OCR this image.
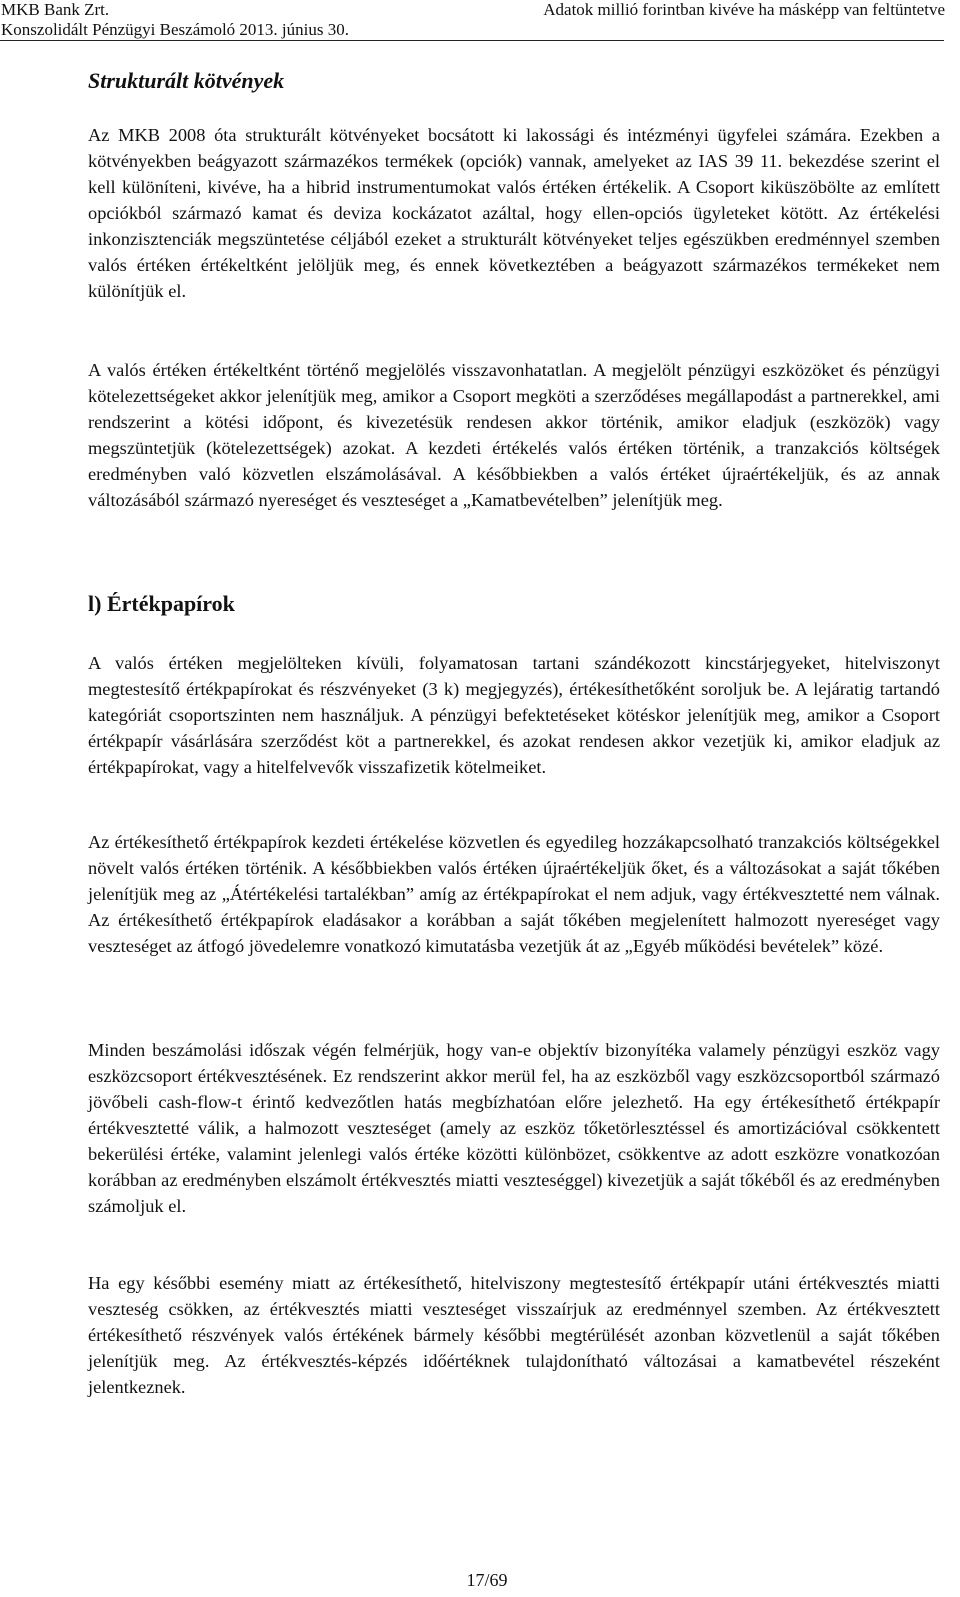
MKB Bank Zrt.
Konszolidált Pénzügyi Beszámoló 2013. június 30.
Adatok millió forintban kivéve ha másképp van feltüntetve
Strukturált kötvények
Az MKB 2008 óta strukturált kötvényeket bocsátott ki lakossági és intézményi ügyfelei számára. Ezekben a kötvényekben beágyazott származékos termékek (opciók) vannak, amelyeket az IAS 39 11. bekezdése szerint el kell különíteni, kivéve, ha a hibrid instrumentumokat valós értéken értékelik. A Csoport kiküszöbölte az említett opciókból származó kamat és deviza kockázatot azáltal, hogy ellen-opciós ügyleteket kötött. Az értékelési inkonzisztenciák megszüntetése céljából ezeket a strukturált kötvényeket teljes egészükben eredménnyel szemben valós értéken értékeltként jelöljük meg, és ennek következtében a beágyazott származékos termékeket nem különítjük el.
A valós értéken értékeltként történő megjelölés visszavonhatatlan. A megjelölt pénzügyi eszközöket és pénzügyi kötelezettségeket akkor jelenítjük meg, amikor a Csoport megköti a szerződéses megállapodást a partnerekkel, ami rendszerint a kötési időpont, és kivezetésük rendesen akkor történik, amikor eladjuk (eszközök) vagy megszüntetjük (kötelezettségek) azokat. A kezdeti értékelés valós értéken történik, a tranzakciós költségek eredményben való közvetlen elszámolásával. A későbbiekben a valós értéket újraértékeljük, és az annak változásából származó nyereséget és veszteséget a „Kamatbevételben” jelenítjük meg.
l) Értékpapírok
A valós értéken megjelölteken kívüli, folyamatosan tartani szándékozott kincstárjegyeket, hitelviszonyt megtestesítő értékpapírokat és részvényeket (3 k) megjegyzés), értékesíthetőként soroljuk be. A lejáratig tartandó kategóriát csoportszinten nem használjuk. A pénzügyi befektetéseket kötéskor jelenítjük meg, amikor a Csoport értékpapír vásárlására szerződést köt a partnerekkel, és azokat rendesen akkor vezetjük ki, amikor eladjuk az értékpapírokat, vagy a hitelfelvevők visszafizetik kötelmeiket.
Az értékesíthető értékpapírok kezdeti értékelése közvetlen és egyedileg hozzákapcsolható tranzakciós költségekkel növelt valós értéken történik. A későbbiekben valós értéken újraértékeljük őket, és a változásokat a saját tőkében jelenítjük meg az „Átértékelési tartalékban” amíg az értékpapírokat el nem adjuk, vagy értékvesztetté nem válnak. Az értékesíthető értékpapírok eladásakor a korábban a saját tőkében megjelenített halmozott nyereséget vagy veszteséget az átfogó jövedelemre vonatkozó kimutatásba vezetjük át az „Egyéb működési bevételek” közé.
Minden beszámolási időszak végén felmérjük, hogy van-e objektív bizonyítéka valamely pénzügyi eszköz vagy eszközcsoport értékvesztésének. Ez rendszerint akkor merül fel, ha az eszközből vagy eszközcsoportból származó jövőbeli cash-flow-t érintő kedvezőtlen hatás megbízhatóan előre jelezhető. Ha egy értékesíthető értékpapír értékvesztetté válik, a halmozott veszteséget (amely az eszköz tőketörlesztéssel és amortizációval csökkentett bekerülési értéke, valamint jelenlegi valós értéke közötti különbözet, csökkentve az adott eszközre vonatkozóan korábban az eredményben elszámolt értékvesztés miatti veszteséggel) kivezetjük a saját tőkéből és az eredményben számoljuk el.
Ha egy későbbi esemény miatt az értékesíthető, hitelviszony megtestesítő értékpapír utáni értékvesztés miatti veszteség csökken, az értékvesztés miatti veszteséget visszaírjuk az eredménnyel szemben. Az értékvesztett értékesíthető részvények valós értékének bármely későbbi megtérülését azonban közvetlenül a saját tőkében jelenítjük meg. Az értékvesztés-képzés időértéknek tulajdonítható változásai a kamatbevétel részeként jelentkeznek.
17/69
